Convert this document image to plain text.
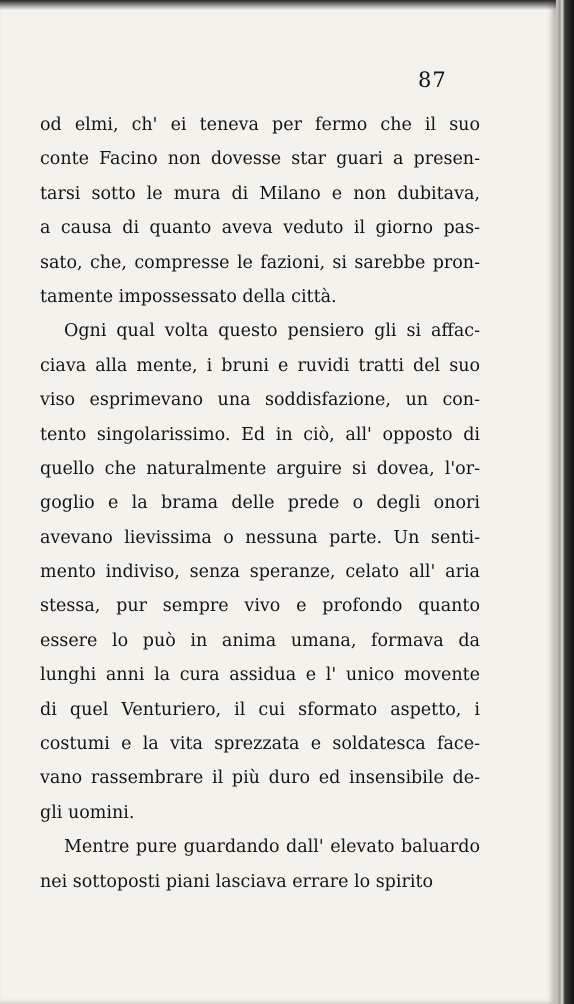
87
od elmi, ch' ei teneva per fermo che il suo
conte Facino non dovesse star guari a presen-
tarsi sotto le mura di Milano e non dubitava,
a causa di quanto aveva veduto il giorno pas-
sato, che, compresse le fazioni, si sarebbe pron-
tamente impossessato della città.
Ogni qual volta questo pensiero gli si affac-
ciava alla mente, i bruni e ruvidi tratti del suo
viso esprimevano una soddisfazione, un con-
tento singolarissimo. Ed in ciò, all' opposto di
quello che naturalmente arguire si dovea, l'or-
goglio e la brama delle prede o degli onori
avevano lievissima o nessuna parte. Un senti-
mento indiviso, senza speranze, celato all' aria
stessa, pur sempre vivo e profondo quanto
essere lo può in anima umana, formava da
lunghi anni la cura assidua e l' unico movente
di quel Venturiero, il cui sformato aspetto, i
costumi e la vita sprezzata e soldatesca face-
vano rassembrare il più duro ed insensibile de-
gli uomini.
Mentre pure guardando dall' elevato baluardo
nei sottoposti piani lasciava errare lo spirito
